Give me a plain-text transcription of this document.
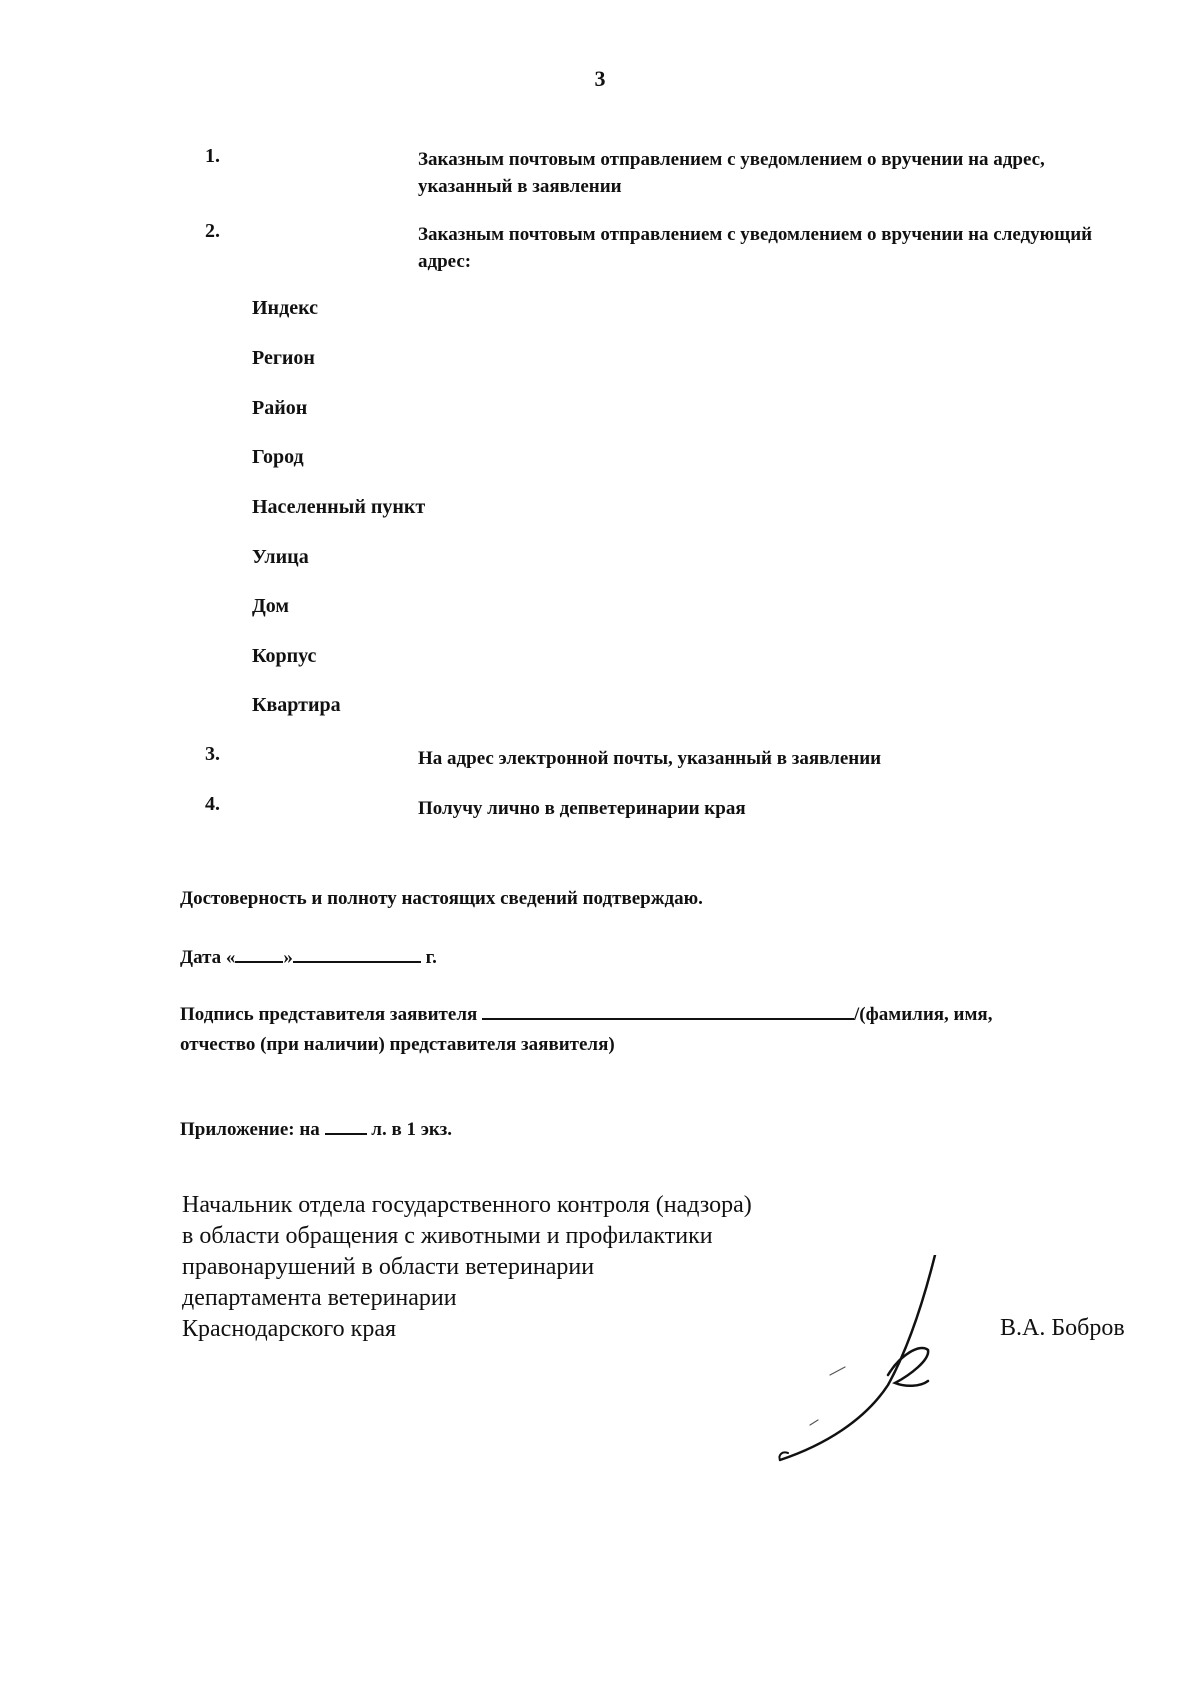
3
1.	Заказным почтовым отправлением с уведомлением о вручении на адрес, указанный в заявлении
2.	Заказным почтовым отправлением с уведомлением о вручении на следующий адрес:
Индекс
Регион
Район
Город
Населенный пункт
Улица
Дом
Корпус
Квартира
3.	На адрес электронной почты, указанный в заявлении
4.	Получу лично в депветеринарии края
Достоверность и полноту настоящих сведений подтверждаю.
Дата «	»	г.
Подпись представителя заявителя	/(фамилия, имя,
отчество (при наличии) представителя заявителя)
Приложение: на  л. в 1 экз.
Начальник отдела государственного контроля (надзора)
в области обращения с животными и профилактики
правонарушений в области ветеринарии
департамента ветеринарии
Краснодарского края	В.А. Бобров
